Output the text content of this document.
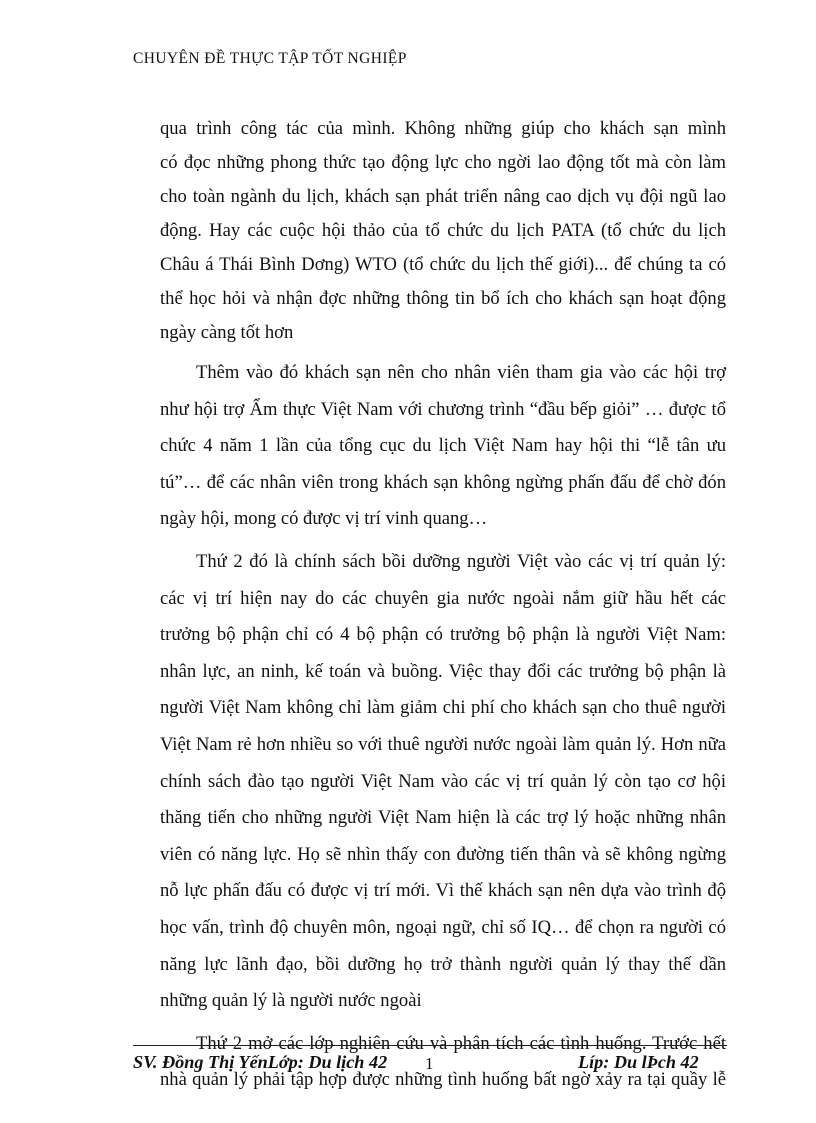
CHUYÊN ĐỀ THỰC TẬP TỐT NGHIỆP
qua trình công tác của mình. Không những giúp cho khách sạn mình
có đọc những phong thức tạo động lực cho ngời lao động tốt mà còn làm
cho toàn ngành du lịch, khách sạn phát triển nâng cao dịch vụ đội ngũ lao
động. Hay các cuộc hội thảo của tổ chức du lịch PATA (tổ chức du lịch
Châu á Thái Bình Dơng) WTO (tổ chức du lịch thế giới)... để chúng ta có
thể học hỏi và nhận đợc những thông tin bổ ích cho khách sạn hoạt động
ngày càng tốt hơn
Thêm vào đó khách sạn nên cho nhân viên tham gia vào các hội trợ
như hội trợ Ẩm thực Việt Nam với chương trình “đầu bếp giỏi” … được tổ
chức 4 năm 1 lần của tổng cục du lịch Việt Nam hay hội thi “lễ tân ưu
tú”… để các nhân viên trong khách sạn không ngừng phấn đấu để chờ đón
ngày hội, mong có được vị trí vinh quang…
Thứ 2 đó là chính sách bồi dưỡng người Việt vào các vị trí quản lý:
các vị trí hiện nay do các chuyên gia nước ngoài nắm giữ hầu hết các
trưởng bộ phận chỉ có 4 bộ phận có trưởng bộ phận là người Việt Nam:
nhân lực, an ninh, kế toán và buồng. Việc thay đổi các trưởng bộ phận là
người Việt Nam không chỉ làm giảm chi phí cho khách sạn cho thuê người
Việt Nam rẻ hơn nhiều so với thuê người nước ngoài làm quản lý. Hơn nữa
chính sách đào tạo người Việt Nam vào các vị trí quản lý còn tạo cơ hội
thăng tiến cho những người Việt Nam hiện là các trợ lý hoặc những nhân
viên có năng lực. Họ sẽ nhìn thấy con đường tiến thân và sẽ không ngừng
nỗ lực phấn đấu có được vị trí mới. Vì thế khách sạn nên dựa vào trình độ
học vấn, trình độ chuyên môn, ngoại ngữ, chỉ số IQ… để chọn ra người có
năng lực lãnh đạo, bồi dưỡng họ trở thành người quản lý thay thế dần
những quản lý là người nước ngoài
Thứ 2 mở các lớp nghiên cứu và phân tích các tình huống. Trước hết
nhà quản lý phải tập hợp được những tình huống bất ngờ xảy ra tại quầy lễ
SV. Đồng Thị YếnLớp: Du lịch 42 1	Líp: Du lÞch 42
